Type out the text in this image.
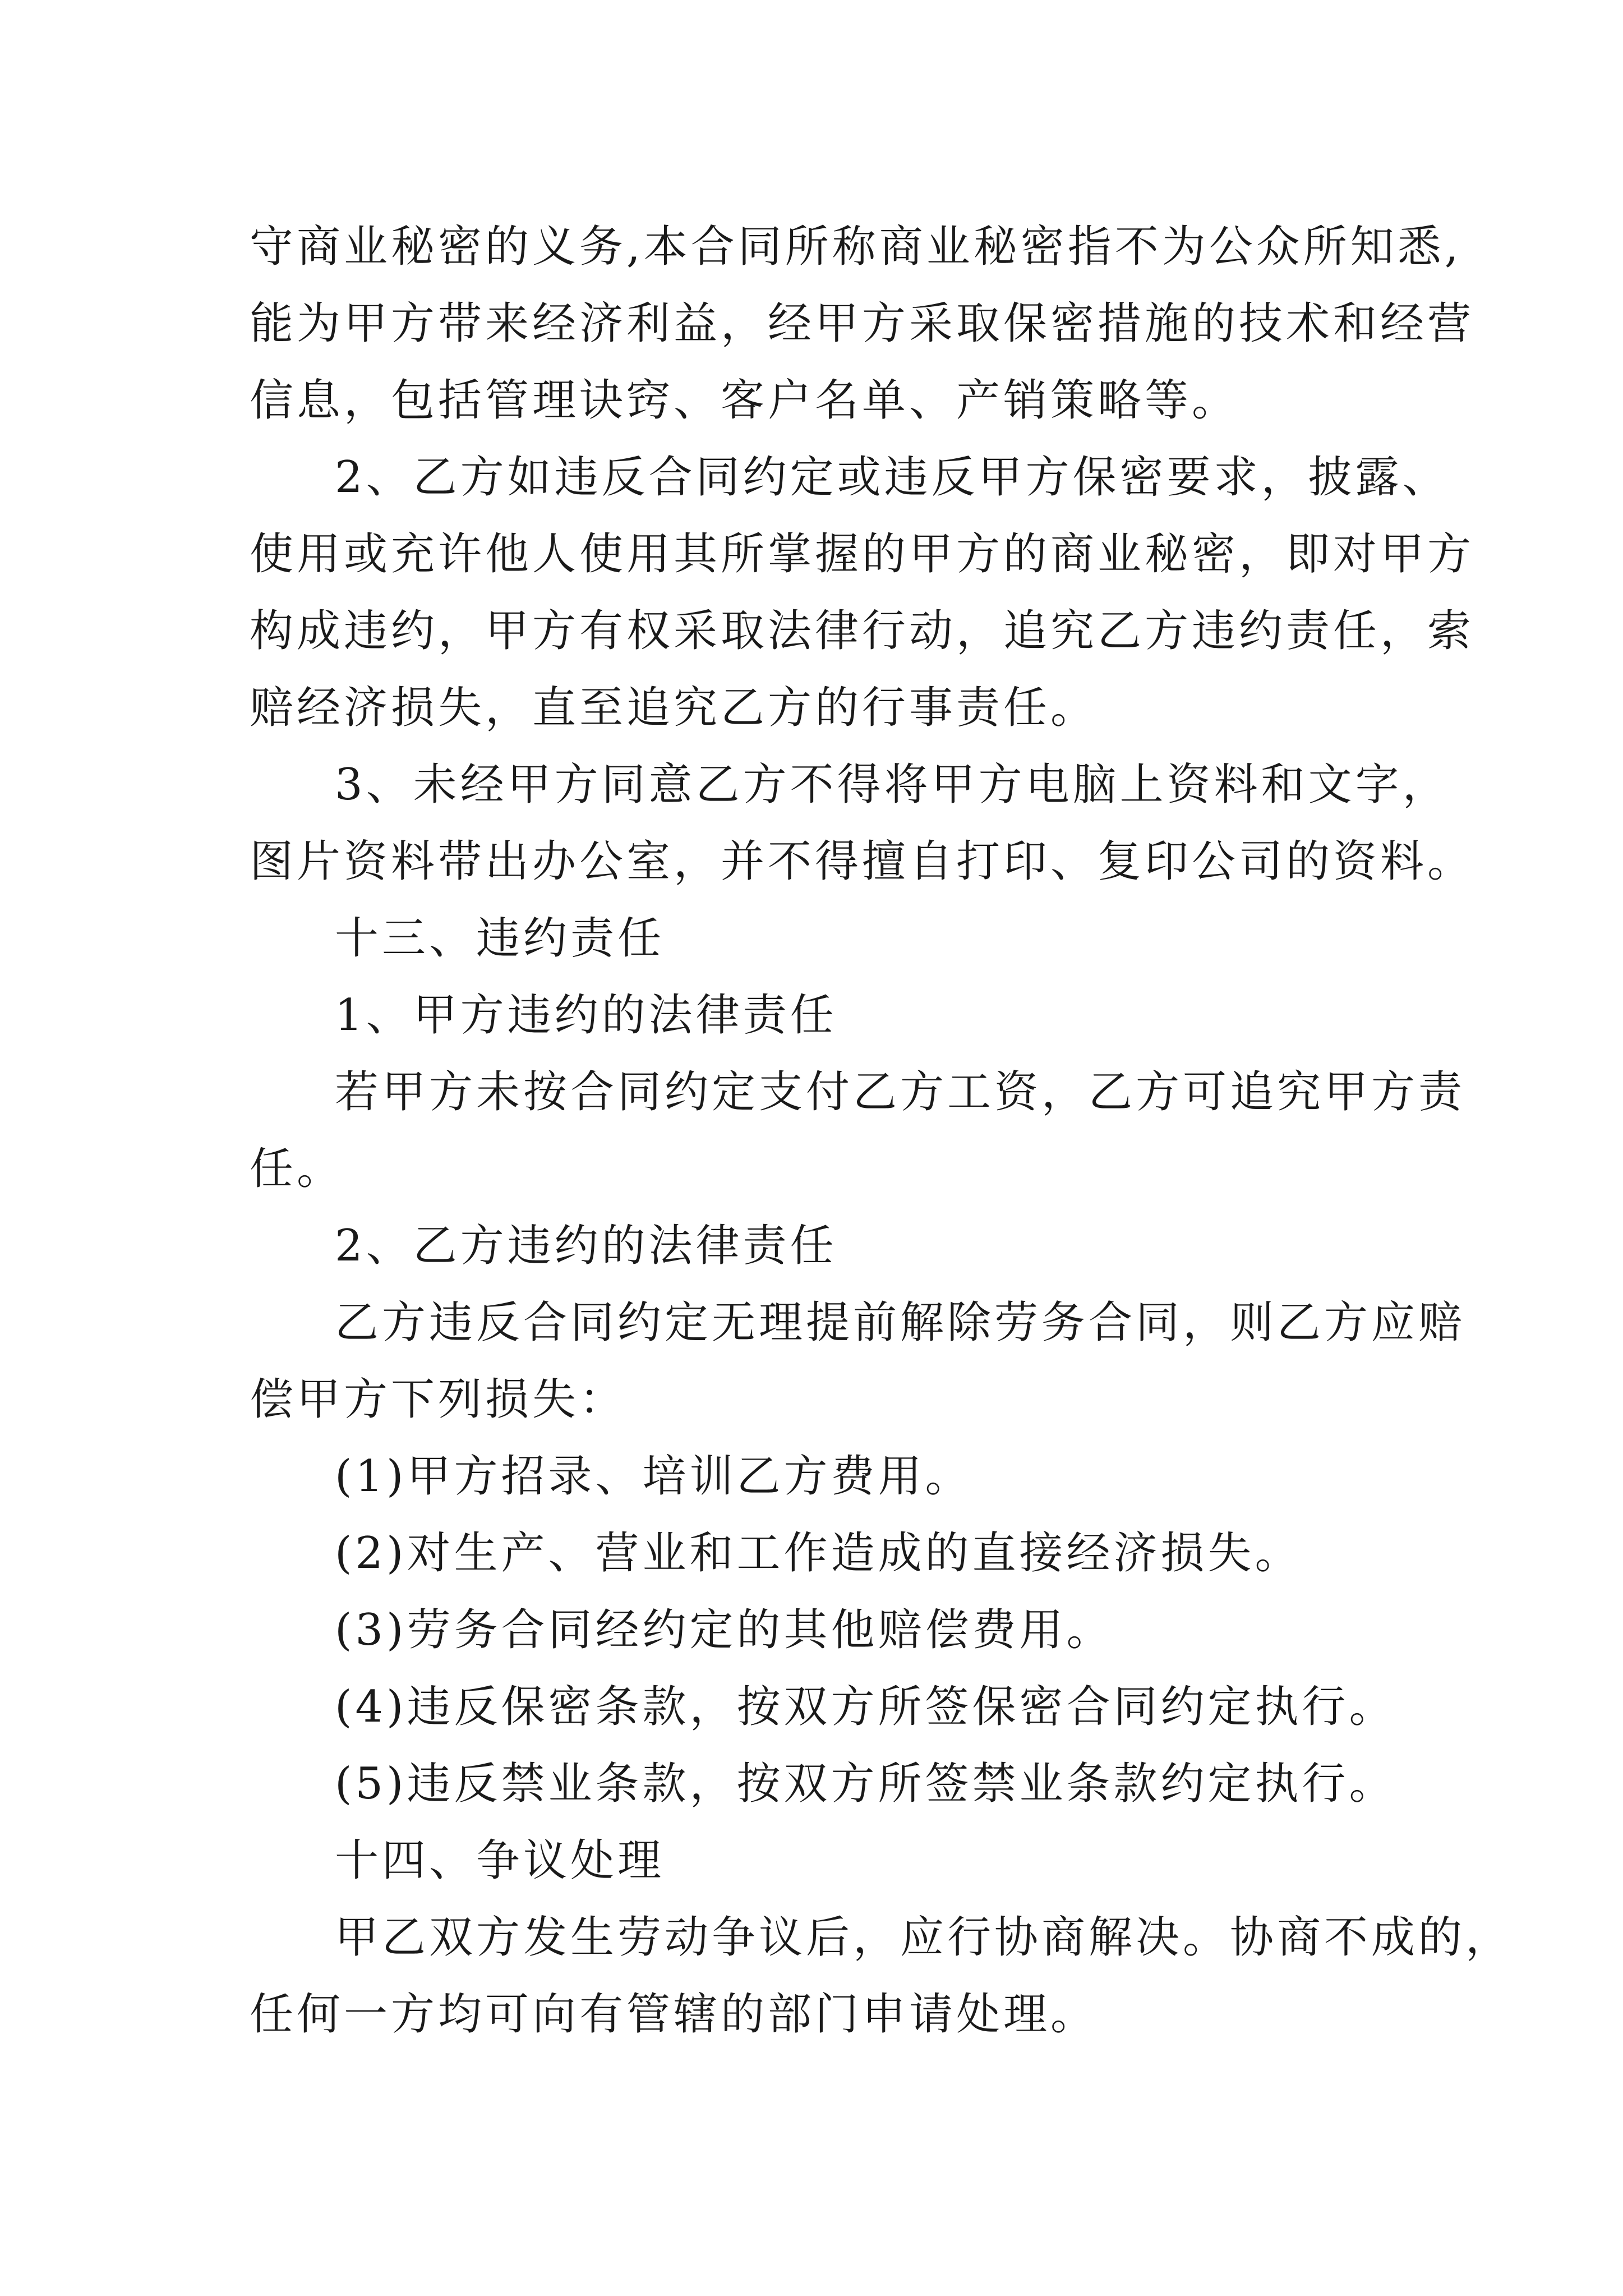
守商业秘密的义务,本合同所称商业秘密指不为公众所知悉,
能为甲方带来经济利益，经甲方采取保密措施的技术和经营
信息，包括管理诀窍、客户名单、产销策略等。

2、乙方如违反合同约定或违反甲方保密要求，披露、
使用或充许他人使用其所掌握的甲方的商业秘密，即对甲方
构成违约，甲方有权采取法律行动，追究乙方违约责任，索
赔经济损失，直至追究乙方的行事责任。

3、未经甲方同意乙方不得将甲方电脑上资料和文字，
图片资料带出办公室，并不得擅自打印、复印公司的资料。

十三、违约责任

1、甲方违约的法律责任

若甲方未按合同约定支付乙方工资，乙方可追究甲方责
任。

2、乙方违约的法律责任

乙方违反合同约定无理提前解除劳务合同，则乙方应赔
偿甲方下列损失：

(1)甲方招录、培训乙方费用。

(2)对生产、营业和工作造成的直接经济损失。

(3)劳务合同经约定的其他赔偿费用。

(4)违反保密条款，按双方所签保密合同约定执行。

(5)违反禁业条款，按双方所签禁业条款约定执行。

十四、争议处理

甲乙双方发生劳动争议后，应行协商解决。协商不成的，
任何一方均可向有管辖的部门申请处理。
